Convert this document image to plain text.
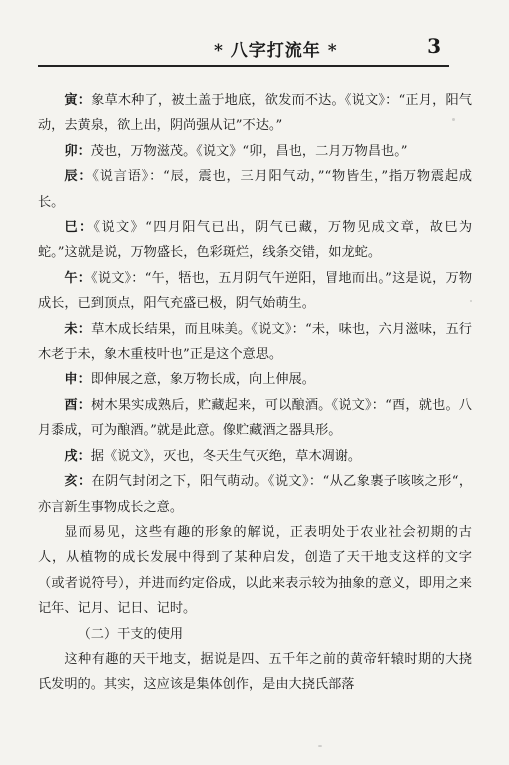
* 八字打流年 *	3

寅：象草木种了，被土盖于地底，欲发而不达。《说文》：“正月，阳气动，去黄泉，欲上出，阴尚强从记”不达。”

卯：茂也，万物滋茂。《说文》“卯，昌也，二月万物昌也。”

辰：《说言语》：“辰，震也，三月阳气动，”“物皆生，”指万物震起成长。

巳：《说文》“四月阳气已出，阴气已藏，万物见成文章，故巳为蛇。”这就是说，万物盛长，色彩斑烂，线条交错，如龙蛇。

午：《说文》：“午，牾也，五月阴气午逆阳，冒地而出。”这是说，万物成长，已到顶点，阳气充盛已极，阴气始萌生。

未：草木成长结果，而且味美。《说文》：“未，味也，六月滋味，五行木老于未，象木重枝叶也”正是这个意思。

申：即伸展之意，象万物长成，向上伸展。

酉：树木果实成熟后，贮藏起来，可以酿酒。《说文》：“酉，就也。八月黍成，可为酿酒。”就是此意。像贮藏酒之器具形。

戌：据《说文》，灭也，冬天生气灭绝，草木凋谢。

亥：在阴气封闭之下，阳气萌动。《说文》：“从乙象裹子咳咳之形“，亦言新生事物成长之意。

显而易见，这些有趣的形象的解说，正表明处于农业社会初期的古人，从植物的成长发展中得到了某种启发，创造了天干地支这样的文字（或者说符号），并进而约定俗成，以此来表示较为抽象的意义，即用之来记年、记月、记日、记时。

（二）干支的使用

这种有趣的天干地支，据说是四、五千年之前的黄帝轩辕时期的大挠氏发明的。其实，这应该是集体创作，是由大挠氏部落
